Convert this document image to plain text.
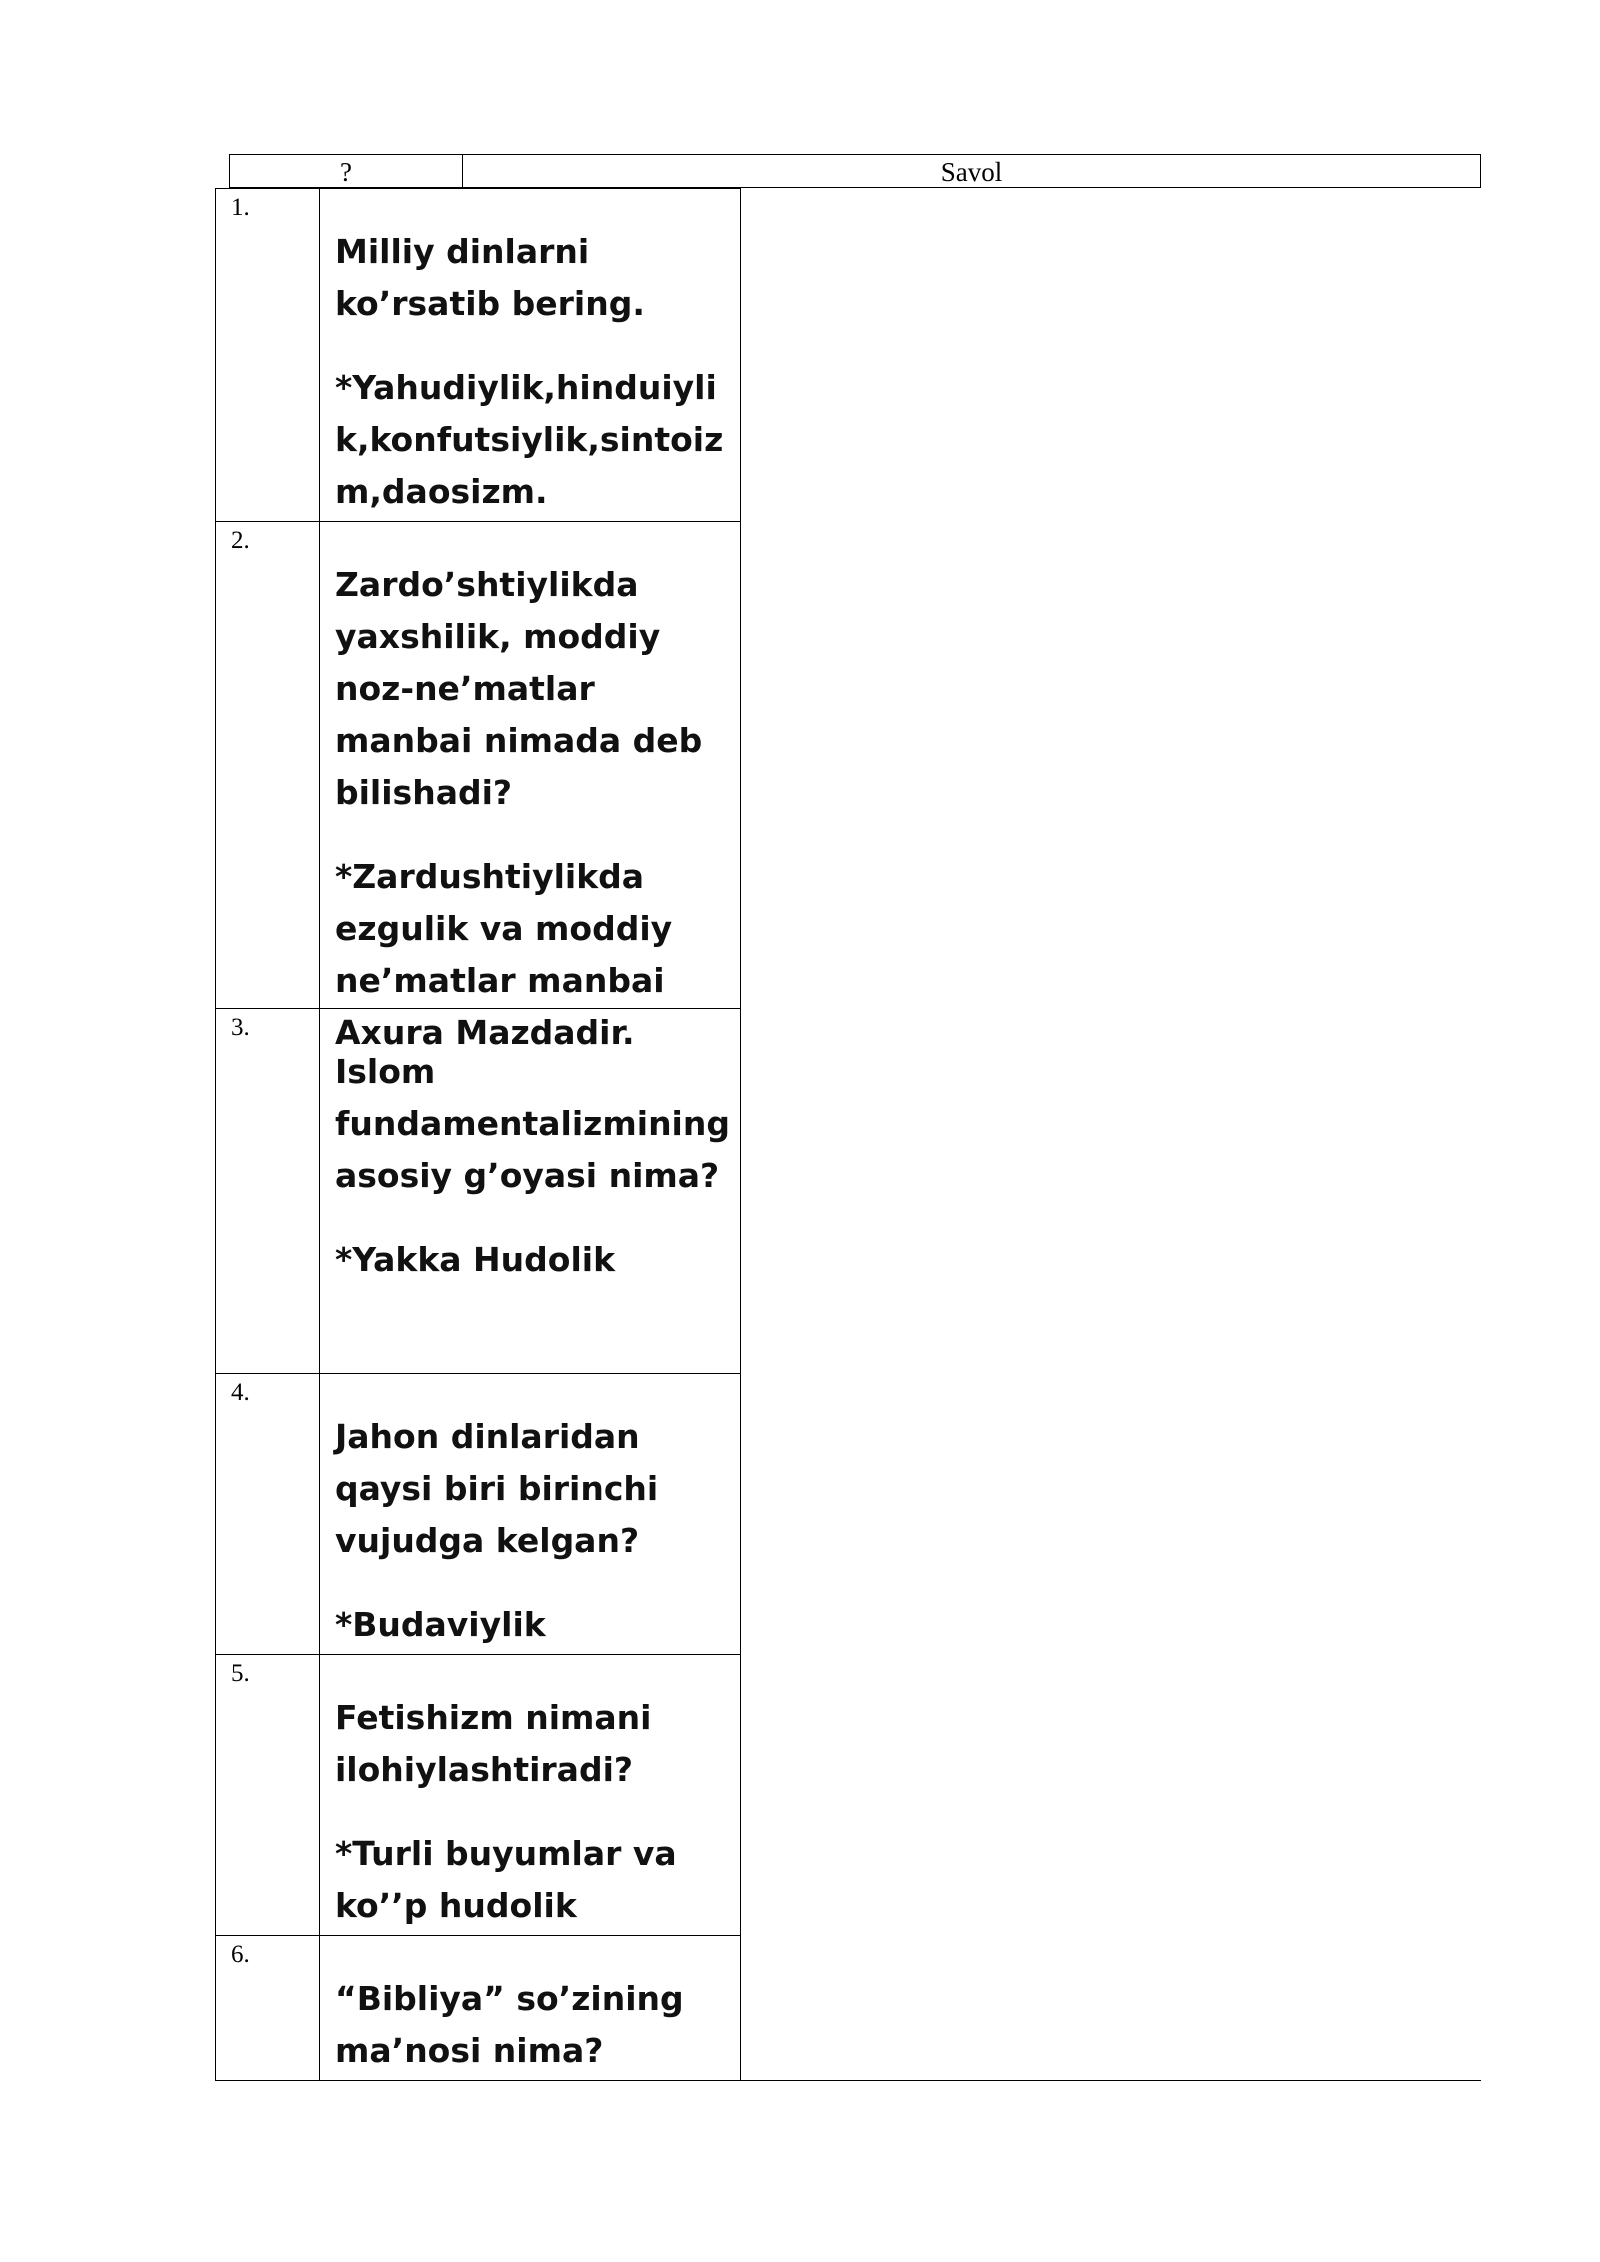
?	Savol
1.

Milliy dinlarni ko’rsatib bering.

*Yahudiylik,hinduiylik,konfutsiylik,sintoizm,daosizm.

2.

Zardo’shtiylikda yaxshilik, moddiy noz-ne’matlar manbai nimada deb bilishadi?

*Zardushtiylikda ezgulik va moddiy ne’matlar manbai Axura Mazdadir.

3.

Islom fundamentalizmining asosiy g’oyasi nima?

*Yakka Hudolik

4.

Jahon dinlaridan qaysi biri birinchi vujudga kelgan?

*Budaviylik

5.

Fetishizm nimani ilohiylashtiradi?

*Turli buyumlar va ko’’p hudolik

6.

“Bibliya” so’zining ma’nosi nima?
